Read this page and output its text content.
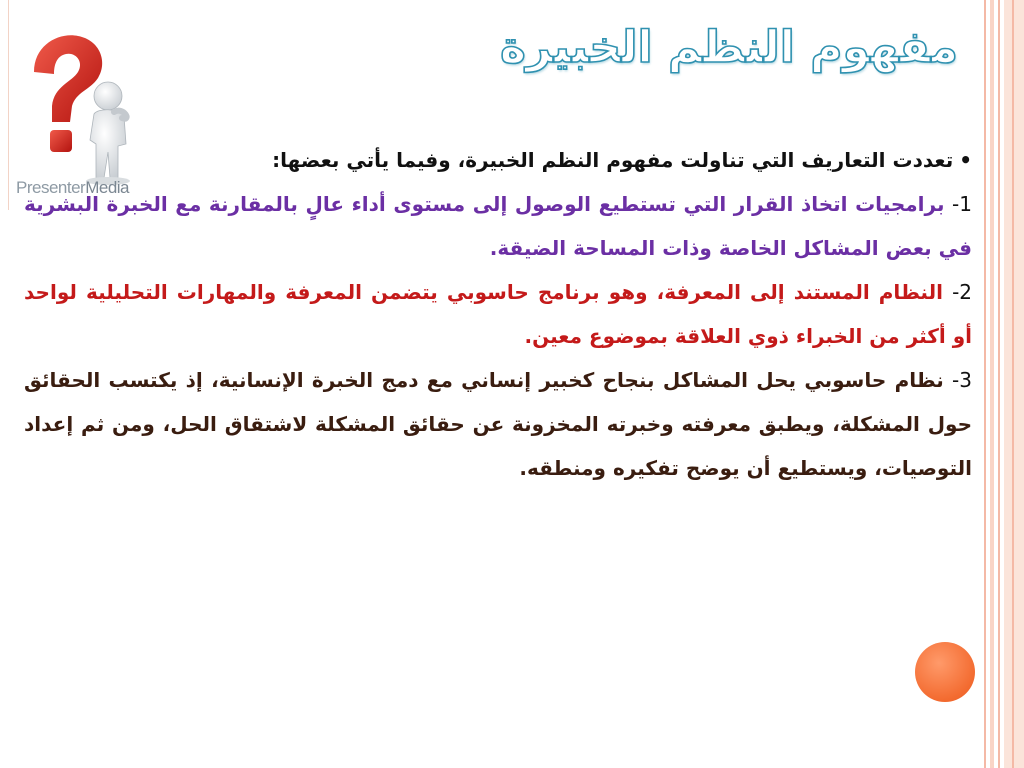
PresenterMedia
مفهوم النظم الخبيرة

•تعددت التعاريف التي تناولت مفهوم النظم الخبيرة، وفيما يأتي بعضها:

1- برامجيات اتخاذ القرار التي تستطيع الوصول إلى مستوى أداء عالٍ بالمقارنة مع الخبرة البشرية في بعض المشاكل الخاصة وذات المساحة الضيقة.

2- النظام المستند إلى المعرفة، وهو برنامج حاسوبي يتضمن المعرفة والمهارات التحليلية لواحد أو أكثر من الخبراء ذوي العلاقة بموضوع معين.

3- نظام حاسوبي يحل المشاكل بنجاح كخبير إنساني مع دمج الخبرة الإنسانية، إذ يكتسب الحقائق حول المشكلة، ويطبق معرفته وخبرته المخزونة عن حقائق المشكلة لاشتقاق الحل، ومن ثم إعداد التوصيات، ويستطيع أن يوضح تفكيره ومنطقه.
